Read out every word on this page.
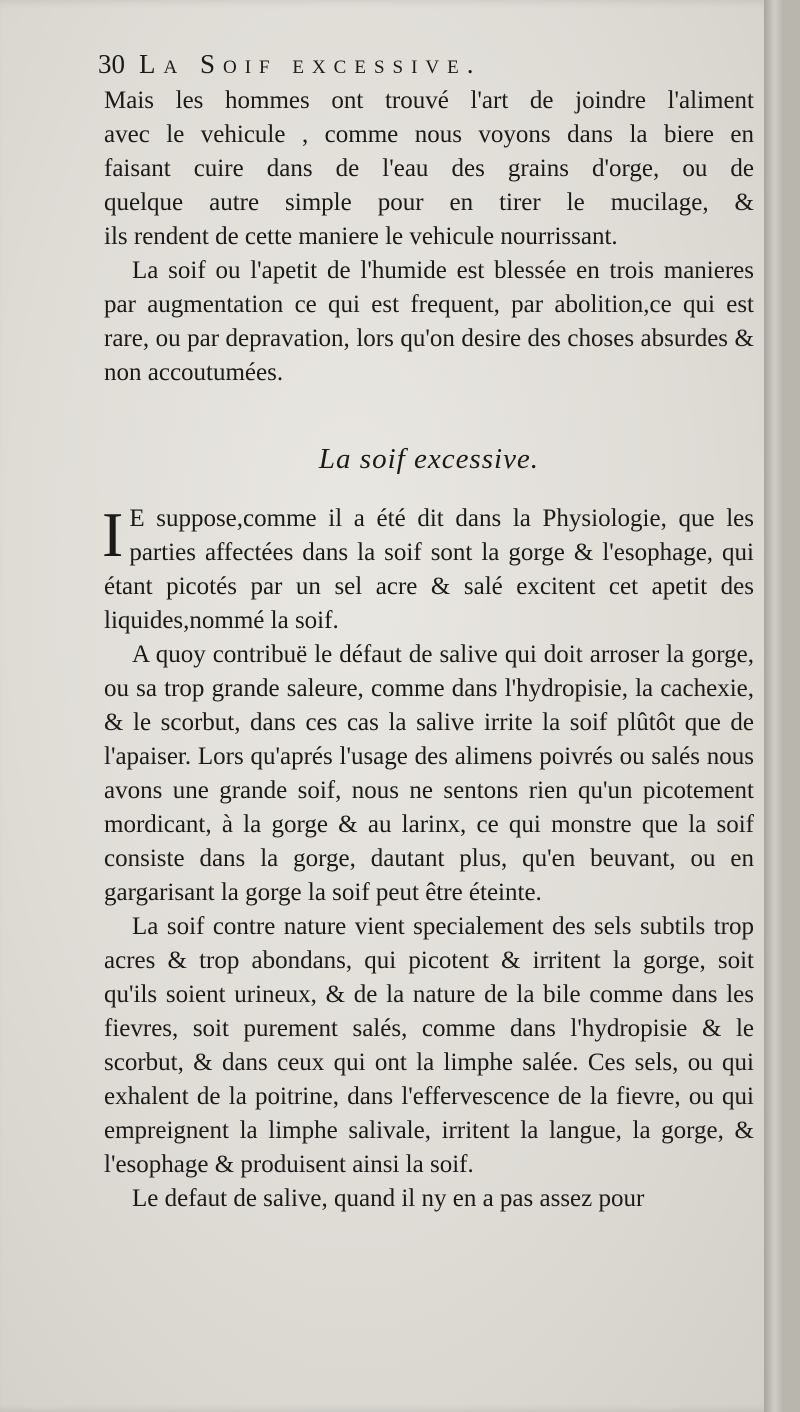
30 La Soif excessive.

Mais les hommes ont trouvé l'art de joindre l'aliment

avec le vehicule , comme nous voyons dans la biere en

faisant cuire dans de l'eau des grains d'orge, ou de

quelque autre simple pour en tirer le mucilage, &

ils rendent de cette maniere le vehicule nourrissant.

La soif ou l'apetit de l'humide est blessée en trois manieres par augmentation ce qui est frequent, par abolition,ce qui est rare, ou par depravation, lors qu'on desire des choses absurdes & non accoutumées.

La soif excessive.
I E suppose,comme il a été dit dans la Physiologie, que les parties affectées dans la soif sont la gorge & l'esophage, qui étant picotés par un sel acre & salé excitent cet apetit des liquides,nommé la soif.

A quoy contribuë le défaut de salive qui doit arroser la gorge, ou sa trop grande saleure, comme dans l'hydropisie, la cachexie, & le scorbut, dans ces cas la salive irrite la soif plûtôt que de l'apaiser. Lors qu'aprés l'usage des alimens poivrés ou salés nous avons une grande soif, nous ne sentons rien qu'un picotement mordicant, à la gorge & au larinx, ce qui monstre que la soif consiste dans la gorge, dautant plus, qu'en beuvant, ou en gargarisant la gorge la soif peut être éteinte.

La soif contre nature vient specialement des sels subtils trop acres & trop abondans, qui picotent & irritent la gorge, soit qu'ils soient urineux, & de la nature de la bile comme dans les fievres, soit purement salés, comme dans l'hydropisie & le scorbut, & dans ceux qui ont la limphe salée. Ces sels, ou qui exhalent de la poitrine, dans l'effervescence de la fievre, ou qui empreignent la limphe salivale, irritent la langue, la gorge, & l'esophage & produisent ainsi la soif.

Le defaut de salive, quand il ny en a pas assez pour
